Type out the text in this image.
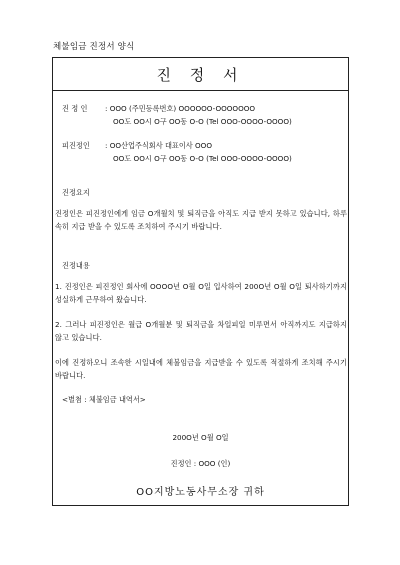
체불임금 진정서 양식
진 정 서
진 정 인 : OOO (주민등록번호) OOOOOO-OOOOOOO
OO도 OO시 O구 OO동 O-O (Tel OOO-OOOO-OOOO)
피진정인 : OO산업주식회사 대표이사 OOO
OO도 OO시 O구 OO동 O-O (Tel OOO-OOOO-OOOO)
진정요지
진정인은 피진정인에게 임금 O개월치 및 퇴직금을 아직도 지급 받지 못하고 있습니다, 하루 속히 지급 받을 수 있도록 조치하여 주시기 바랍니다.
진정내용
1. 진정인은 피진정인 회사에 OOOO년 O월 O일 입사하여 200O년 O월 O일 퇴사하기까지 성실하게 근무하여 왔습니다.
2. 그러나 피진정인은 월급 O개월분 및 퇴직금을 차일피일 미루면서 아직까지도 지급하지 않고 있습니다.
이에 진정하오니 조속한 시일내에 체불임금을 지급받을 수 있도록 적절하게 조치해 주시기 바랍니다.
<별첨 : 체불임금 내역서>
200O년 O월 O일
진정인 : OOO (인)
OO지방노동사무소장 귀하
